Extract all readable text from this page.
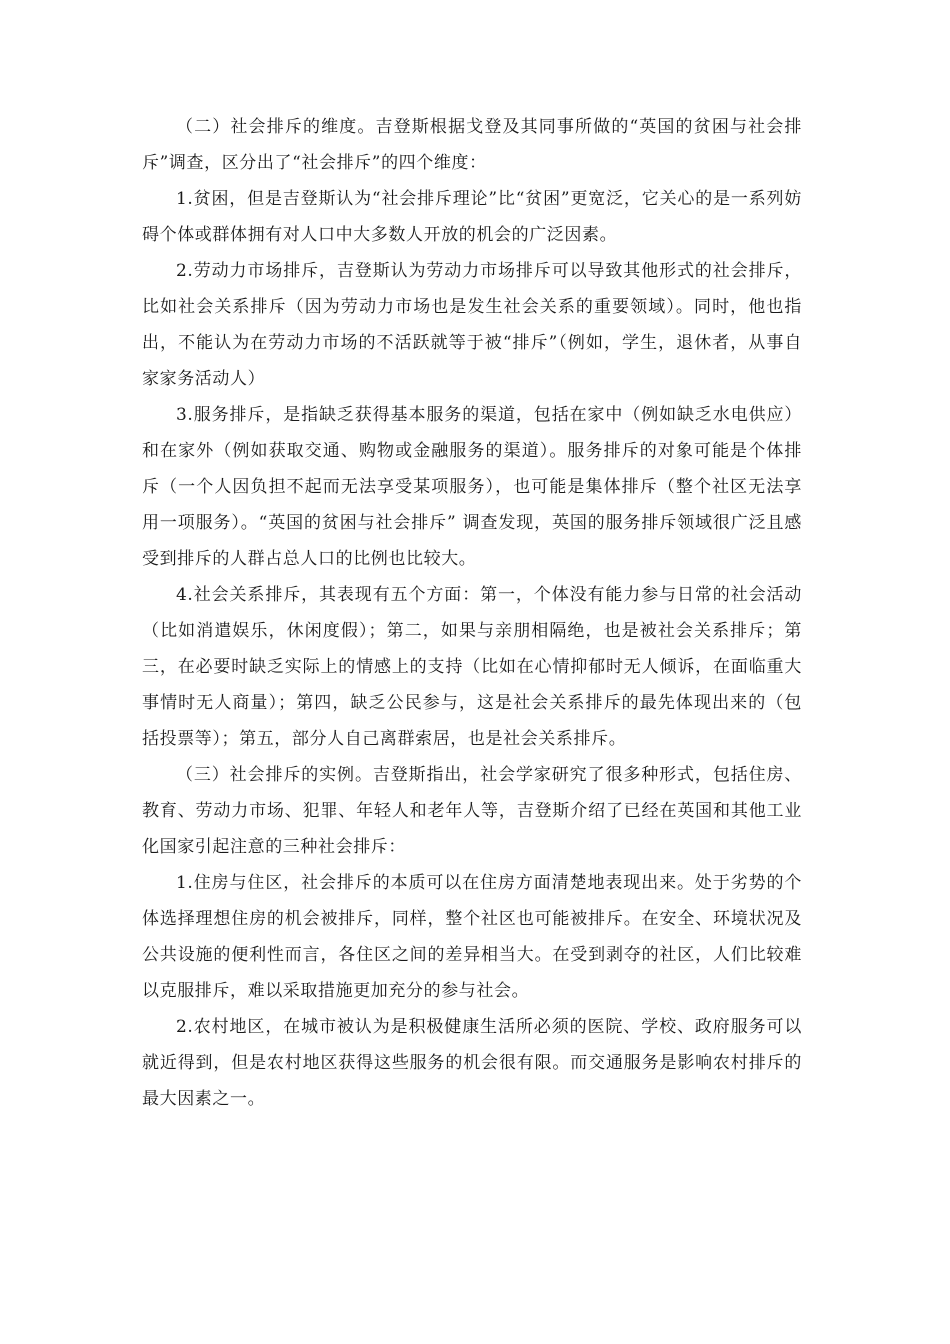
（二）社会排斥的维度。吉登斯根据戈登及其同事所做的“英国的贫困与社会排斥”调查，区分出了“社会排斥”的四个维度：

1.贫困，但是吉登斯认为“社会排斥理论”比“贫困”更宽泛，它关心的是一系列妨碍个体或群体拥有对人口中大多数人开放的机会的广泛因素。

2.劳动力市场排斥，吉登斯认为劳动力市场排斥可以导致其他形式的社会排斥，比如社会关系排斥（因为劳动力市场也是发生社会关系的重要领域）。同时，他也指出，不能认为在劳动力市场的不活跃就等于被“排斥”（例如，学生，退休者，从事自家家务活动人）

3.服务排斥，是指缺乏获得基本服务的渠道，包括在家中（例如缺乏水电供应）和在家外（例如获取交通、购物或金融服务的渠道）。服务排斥的对象可能是个体排斥（一个人因负担不起而无法享受某项服务），也可能是集体排斥（整个社区无法享用一项服务）。“英国的贫困与社会排斥” 调查发现，英国的服务排斥领域很广泛且感受到排斥的人群占总人口的比例也比较大。

4.社会关系排斥，其表现有五个方面：第一，个体没有能力参与日常的社会活动（比如消遣娱乐，休闲度假）；第二，如果与亲朋相隔绝，也是被社会关系排斥；第三，在必要时缺乏实际上的情感上的支持（比如在心情抑郁时无人倾诉，在面临重大事情时无人商量）；第四，缺乏公民参与，这是社会关系排斥的最先体现出来的（包括投票等）；第五，部分人自己离群索居，也是社会关系排斥。

（三）社会排斥的实例。吉登斯指出，社会学家研究了很多种形式，包括住房、教育、劳动力市场、犯罪、年轻人和老年人等，吉登斯介绍了已经在英国和其他工业化国家引起注意的三种社会排斥：

1.住房与住区，社会排斥的本质可以在住房方面清楚地表现出来。处于劣势的个体选择理想住房的机会被排斥，同样，整个社区也可能被排斥。在安全、环境状况及公共设施的便利性而言，各住区之间的差异相当大。在受到剥夺的社区，人们比较难以克服排斥，难以采取措施更加充分的参与社会。

2.农村地区，在城市被认为是积极健康生活所必须的医院、学校、政府服务可以就近得到，但是农村地区获得这些服务的机会很有限。而交通服务是影响农村排斥的最大因素之一。
